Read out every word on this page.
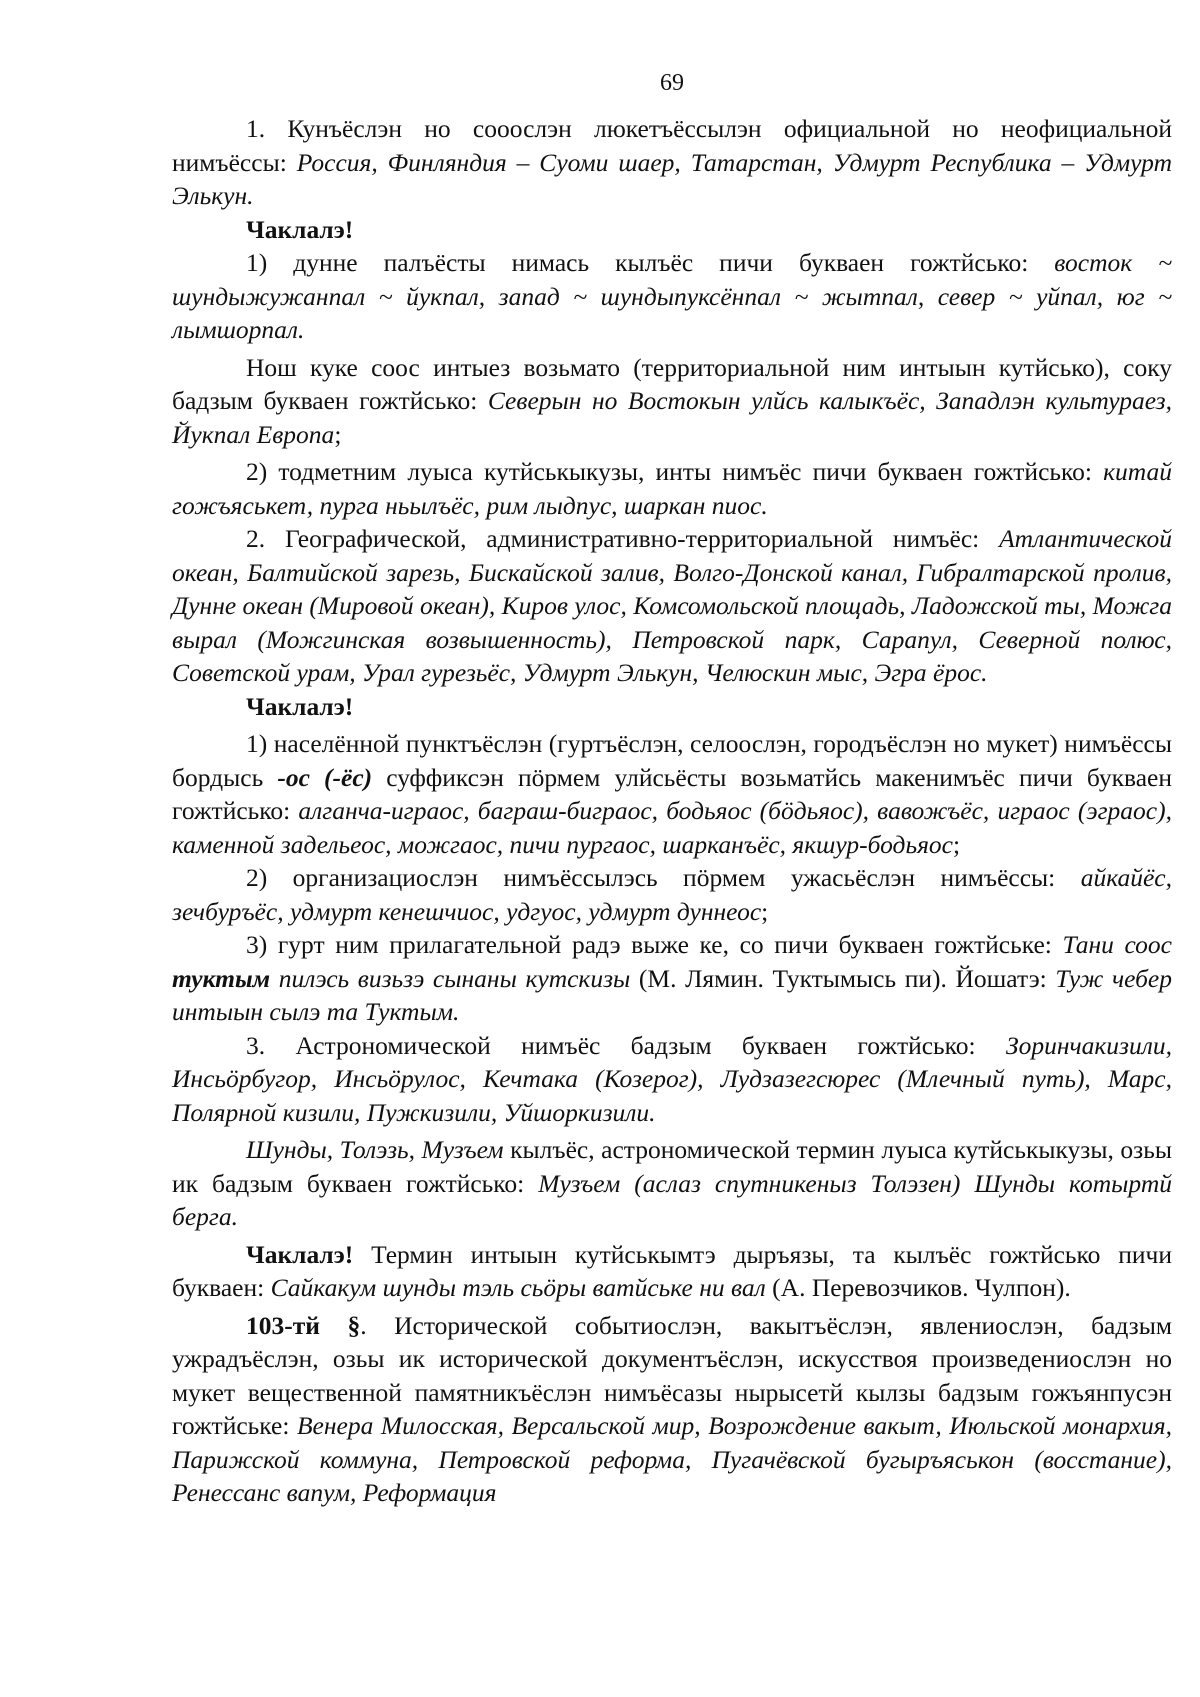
69

1. Кунъёслэн но сооослэн люкетъёссылэн официальной но неофициальной нимъёссы: Россия, Финляндия – Суоми шаер, Татарстан, Удмурт Республика – Удмурт Элькун.

Чаклалэ!

1) дунне палъёсты нимась кылъёс пичи букваен гожтйсько: восток ~ шундыжужанпал ~ йукпал, запад ~ шундыпуксёнпал ~ жытпал, север ~ уйпал, юг ~ лымшорпал.

Нош куке соос интыез возьмато (территориальной ним интыын кутйсько), соку бадзым букваен гожтйсько: Северын но Востокын улйсь калыкъёс, Западлэн культураез, Йукпал Европа;

2) тодметним луыса кутйськыкузы, инты нимъёс пичи букваен гожтйсько: китай гожъяськет, пурга ньылъёс, рим лыдпус, шаркан пиос.

2. Географической, административно-территориальной нимъёс: Атлантической океан, Балтийской зарезь, Бискайской залив, Волго-Донской канал, Гибралтарской пролив, Дунне океан (Мировой океан), Киров улос, Комсомольской площадь, Ладожской ты, Можга вырал (Можгинская возвышенность), Петровской парк, Сарапул, Северной полюс, Советской урам, Урал гурезьёс, Удмурт Элькун, Челюскин мыс, Эгра ёрос.

Чаклалэ!

1) населённой пунктъёслэн (гуртъёслэн, селоослэн, городъёслэн но мукет) нимъёссы бордысь -ос (-ёс) суффиксэн пӧрмем улйсьёсты возьматйсь макенимъёс пичи букваен гожтйсько: алганча-играос, баграш-биграос, бодьяос (бӧдьяос), вавожъёс, играос (эграос), каменной задельеос, можгаос, пичи пургаос, шарканъёс, якшур-бодьяос;

2) организациослэн нимъёссылэсь пӧрмем ужасьёслэн нимъёссы: айкайёс, зечбуръёс, удмурт кенешчиос, удгуос, удмурт дуннеос;

3) гурт ним прилагательной радэ выже ке, со пичи букваен гожтйське: Тани соос туктым пилэсь визьзэ сынаны кутскизы (М. Лямин. Туктымысь пи). Йошатэ: Туж чебер интыын сылэ та Туктым.

3. Астрономической нимъёс бадзым букваен гожтйсько: Зоринчакизили, Инсьӧрбугор, Инсьӧрулос, Кечтака (Козерог), Лудзазегсюрес (Млечный путь), Марс, Полярной кизили, Пужкизили, Уйшоркизили.

Шунды, Толэзь, Музъем кылъёс, астрономической термин луыса кутйськыкузы, озьы ик бадзым букваен гожтйсько: Музъем (аслаз спутникеныз Толэзен) Шунды котыртй берга.

Чаклалэ! Термин интыын кутйськымтэ дыръязы, та кылъёс гожтйсько пичи букваен: Сайкакум шунды тэль сьӧры ватйське ни вал (А. Перевозчиков. Чулпон).

103-тй §. Исторической событиослэн, вакытъёслэн, явлениослэн, бадзым ужрадъёслэн, озьы ик исторической документъёслэн, искусствоя произведениослэн но мукет вещественной памятникъёслэн нимъёсазы нырысетй кылзы бадзым гожъянпусэн гожтйське: Венера Милосская, Версальской мир, Возрождение вакыт, Июльской монархия, Парижской коммуна, Петровской реформа, Пугачёвской бугыръяськон (восстание), Ренессанс вапум, Реформация
